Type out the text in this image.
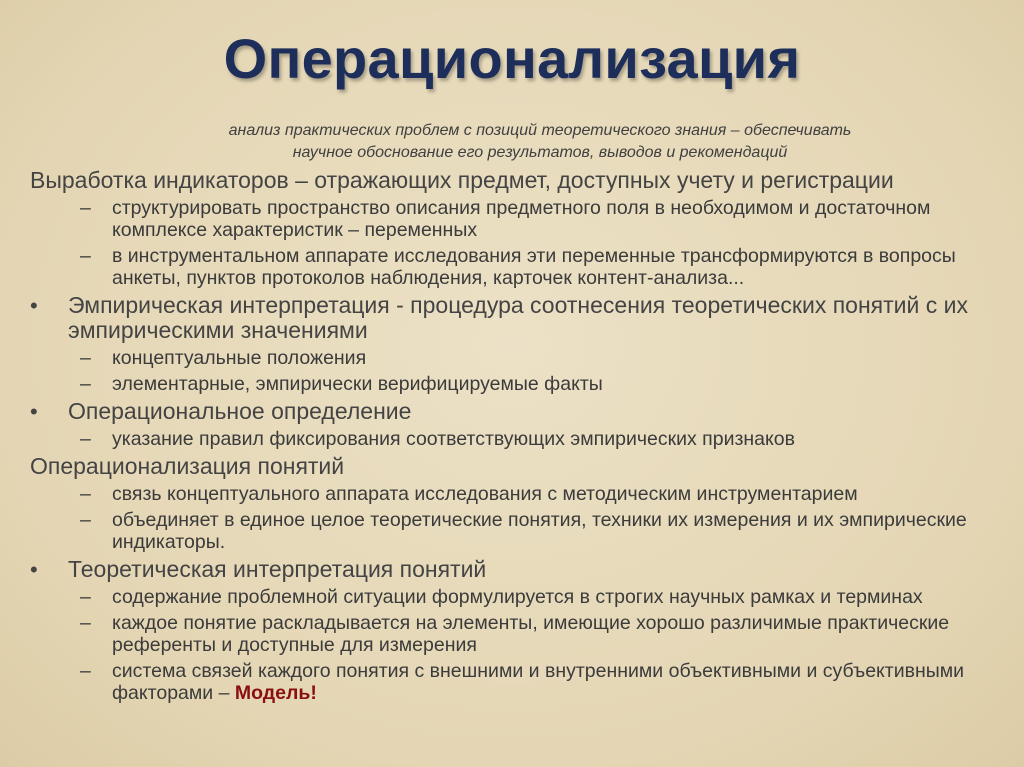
Операционализация
анализ практических проблем с позиций теоретического знания – обеспечивать
научное обоснование его результатов, выводов и рекомендаций
Выработка индикаторов – отражающих предмет, доступных учету и регистрации
– структурировать пространство описания предметного поля в необходимом и достаточном комплексе характеристик – переменных
– в инструментальном аппарате исследования эти переменные трансформируются в вопросы анкеты, пунктов протоколов наблюдения, карточек контент-анализа...
• Эмпирическая интерпретация - процедура соотнесения теоретических понятий с их эмпирическими значениями
– концептуальные положения
– элементарные, эмпирически верифицируемые факты
• Операциональное определение
– указание правил фиксирования соответствующих эмпирических признаков
Операционализация понятий
– связь концептуального аппарата исследования с методическим инструментарием
– объединяет в единое целое теоретические понятия, техники их измерения и их эмпирические индикаторы.
• Теоретическая интерпретация понятий
– содержание проблемной ситуации формулируется в строгих научных рамках и терминах
– каждое понятие раскладывается на элементы, имеющие хорошо различимые практические референты и доступные для измерения
– система связей каждого понятия с внешними и внутренними объективными и субъективными факторами – Модель!
